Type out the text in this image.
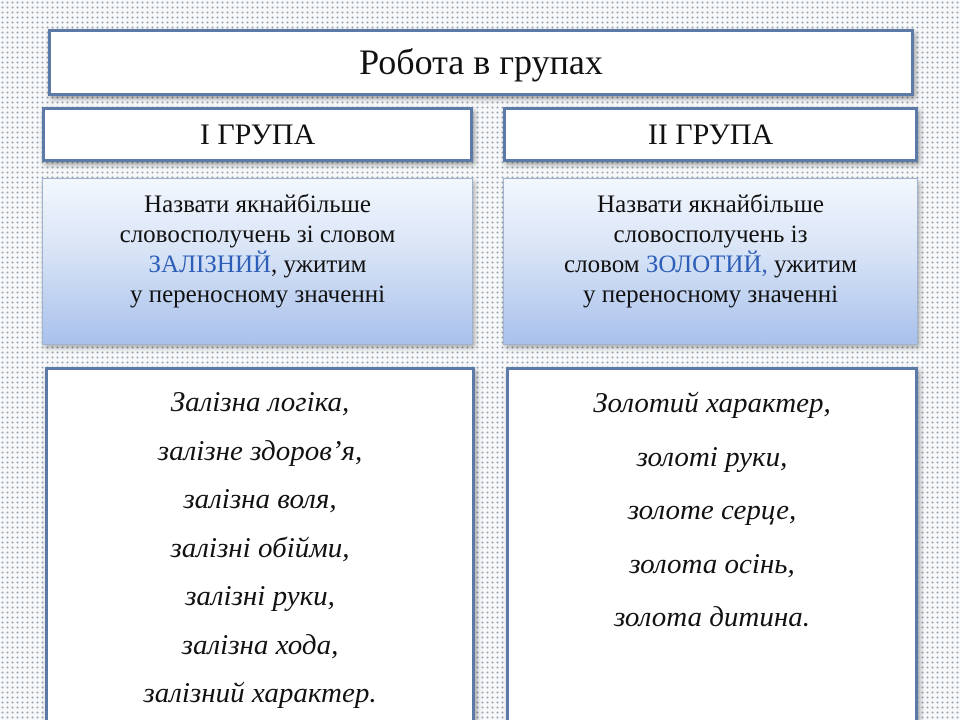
Робота в групах
І ГРУПА	ІІ ГРУПА
Назвати якнайбільше
словосполучень зі словом
ЗАЛІЗНИЙ, ужитим
у переносному значенні
Назвати якнайбільше
словосполучень із
словом ЗОЛОТИЙ, ужитим
у переносному значенні
Залізна логіка,
залізне здоров’я,
залізна воля,
залізні обійми,
залізні руки,
залізна хода,
залізний характер.
Золотий характер,
золоті руки,
золоте серце,
золота осінь,
золота дитина.
